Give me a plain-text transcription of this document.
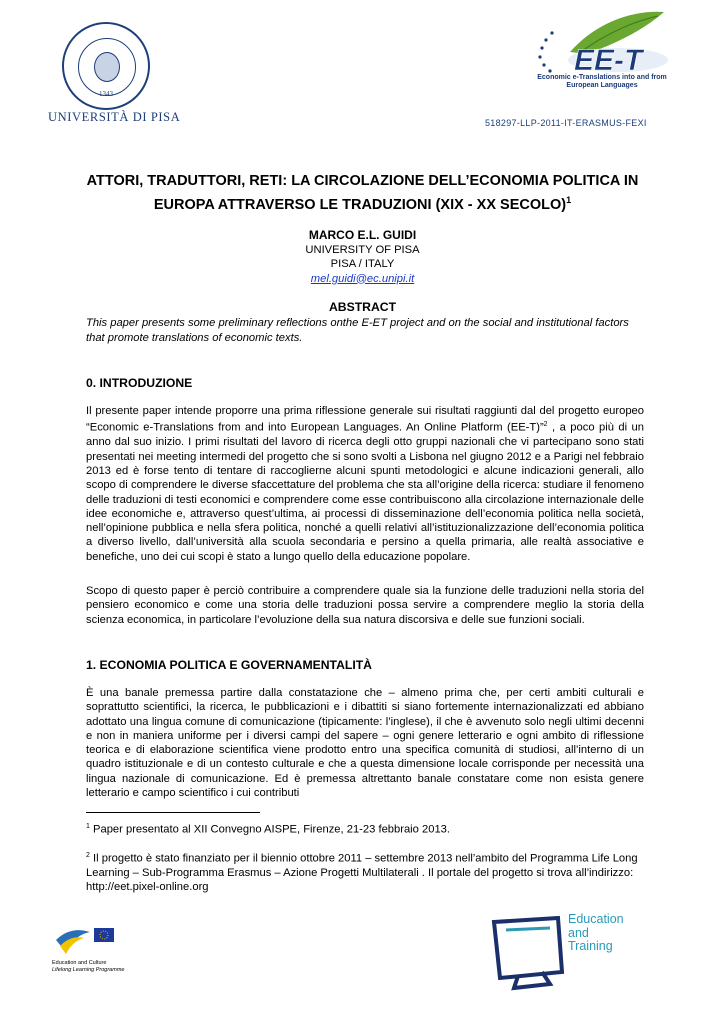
1343
UNIVERSITÀ DI PISA
EE-T
Economic e-Translations into and from European Languages
518297-LLP-2011-IT-ERASMUS-FEXI
ATTORI, TRADUTTORI, RETI: LA CIRCOLAZIONE DELL’ECONOMIA POLITICA IN
EUROPA ATTRAVERSO LE TRADUZIONI (XIX - XX SECOLO)$^1$
MARCO E.L. GUIDI
UNIVERSITY OF PISA
PISA / ITALY
mel.guidi@ec.unipi.it
ABSTRACT
This paper presents some preliminary reflections onthe E-ET project and on the social and institutional factors that promote translations of economic texts.
0. INTRODUZIONE
Il presente paper intende proporre una prima riflessione generale sui risultati raggiunti dal del progetto europeo “Economic e-Translations from and into European Languages. An Online Platform (EE-T)”$^2$ , a poco più di un anno dal suo inizio. I primi risultati del lavoro di ricerca degli otto gruppi nazionali che vi partecipano sono stati presentati nei meeting intermedi del progetto che si sono svolti a Lisbona nel giugno 2012 e a Parigi nel febbraio 2013 ed è forse tento di tentare di raccoglierne alcuni spunti metodologici e alcune indicazioni generali, allo scopo di comprendere le diverse sfaccettature del problema che sta all’origine della ricerca: studiare il fenomeno delle traduzioni di testi economici e comprendere come esse contribuiscono alla circolazione internazionale delle idee economiche e, attraverso quest’ultima, ai processi di disseminazione dell’economia politica nella società, nell’opinione pubblica e nella sfera politica, nonché a quelli relativi all’istituzionalizzazione dell’economia politica a diverso livello, dall’università alla scuola secondaria e persino a quella primaria, alle realtà associative e benefiche, uno dei cui scopi è stato a lungo quello della educazione popolare.
Scopo di questo paper è perciò contribuire a comprendere quale sia la funzione delle traduzioni nella storia del pensiero economico e come una storia delle traduzioni possa servire a comprendere meglio la storia della scienza economica, in particolare l’evoluzione della sua natura discorsiva e delle sue funzioni sociali.
1. ECONOMIA POLITICA E GOVERNAMENTALITÀ
È una banale premessa partire dalla constatazione che – almeno prima che, per certi ambiti culturali e soprattutto scientifici, la ricerca, le pubblicazioni e i dibattiti si siano fortemente internazionalizzati ed abbiano adottato una lingua comune di comunicazione (tipicamente: l’inglese), il che è avvenuto solo negli ultimi decenni e non in maniera uniforme per i diversi campi del sapere – ogni genere letterario e ogni ambito di riflessione teorica e di elaborazione scientifica viene prodotto entro una specifica comunità di studiosi, all’interno di un quadro istituzionale e di un contesto culturale e che a questa dimensione locale corrisponde per necessità una lingua nazionale di comunicazione. Ed è premessa altrettanto banale constatare come non esista genere letterario e campo scientifico i cui contributi
$^1$ Paper presentato al XII Convegno AISPE, Firenze, 21-23 febbraio 2013.
$^2$ Il progetto è stato finanziato per il biennio ottobre 2011 – settembre 2013 nell’ambito del Programma Life Long Learning – Sub-Programma Erasmus – Azione Progetti Multilaterali . Il portale del progetto si trova all’indirizzo: http://eet.pixel-online.org
Education and Culture
Lifelong Learning Programme
Education
and
Training
